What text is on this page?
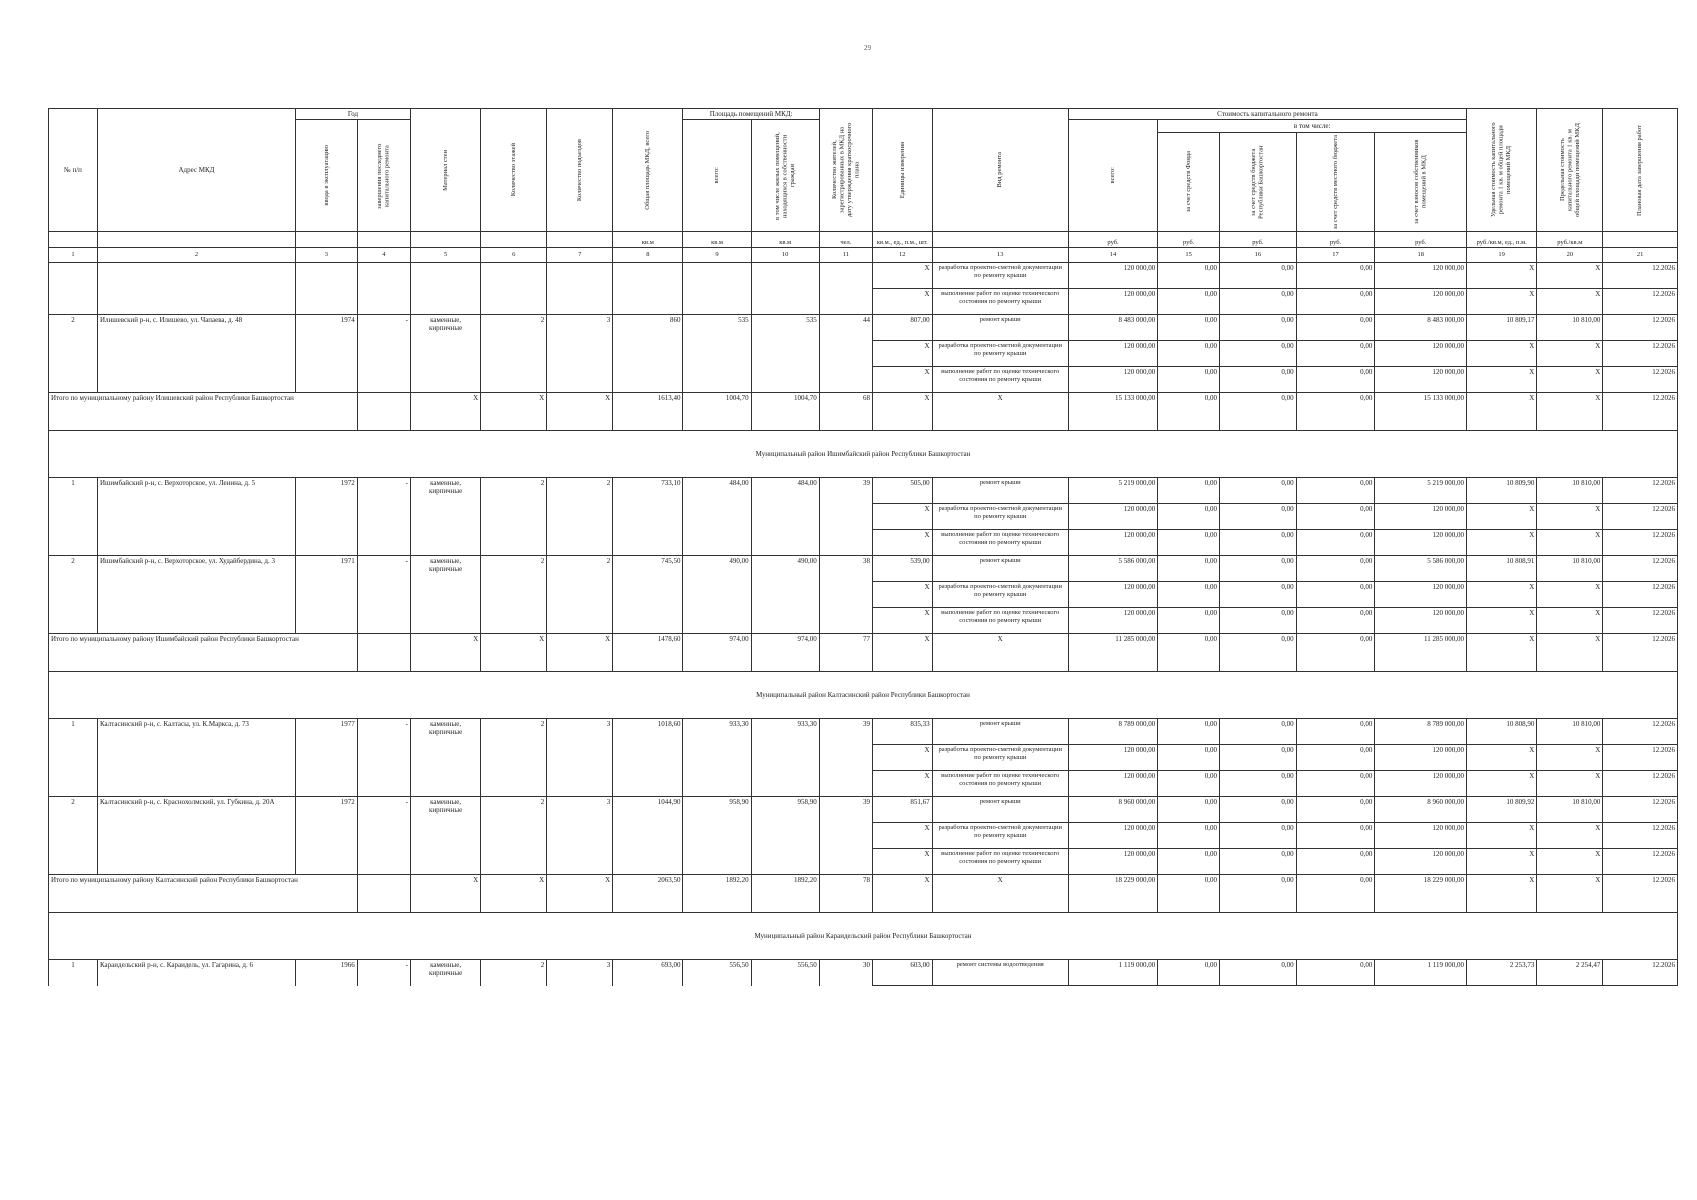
29
№ п/п	Адрес МКД	Год		Материал стен	Количество этажей	Количество подъездов	Общая площадь МКД, всего	Площадь помещений МКД:		Количество жителей, зарегистрированных в МКД на дату утверждения краткосрочного плана	Единицы измерения	Вид ремонта	Стоимость капитального ремонта					Удельная стоимость капитального ремонта 1 кв. м общей площади помещений МКД	Предельная стоимость капитального ремонта 1 кв. м общей площади помещений МКД	Плановая дата завершения работ

		ввода в эксплуатацию	завершения последнего капитального ремонта					всего:	в том числе жилых помещений, находящихся в собственности граждан				всего:	в том числе:						

														за счет средств Фонда	за счет средств бюджета Республики Башкортостан	за счет средств местного бюджета	за счет взносов собственников помещений в МКД			

							кв.м	кв.м	кв.м	чел.	кв.м., ед., п.м., шт.		руб.	руб.	руб.	руб.	руб.	руб./кв.м, ед., п.м.	руб./кв.м	
1	2	3	4	5	6	7	8	9	10	11	12	13	14	15	16	17	18	19	20	21
											X	разработка проектно-сметной документации по ремонту крыши	120 000,00	0,00	0,00	0,00	120 000,00	X	X	12.2026
											X	выполнение работ по оценке технического состояния по ремонту крыши	120 000,00	0,00	0,00	0,00	120 000,00	X	X	12.2026
2	Илишевский р-н, с. Илишево, ул. Чапаева, д. 48	1974	-	каменные, кирпичные	2	3	860	535	535	44	807,00	ремонт крыши	8 483 000,00	0,00	0,00	0,00	8 483 000,00	10 809,17	10 810,00	12.2026
											X	разработка проектно-сметной документации по ремонту крыши	120 000,00	0,00	0,00	0,00	120 000,00	X	X	12.2026
											X	выполнение работ по оценке технического состояния по ремонту крыши	120 000,00	0,00	0,00	0,00	120 000,00	X	X	12.2026
Итого по муниципальному району Илишевский район Республики Башкортостан				X	X	X	1613,40	1004,70	1004,70	68	X	X	15 133 000,00	0,00	0,00	0,00	15 133 000,00	X	X	12.2026
Муниципальный район Ишимбайский район Республики Башкортостан																				
1	Ишимбайский р-н, с. Верхоторское, ул. Ленина, д. 5	1972	-	каменные, кирпичные	2	2	733,10	484,00	484,00	39	505,00	ремонт крыши	5 219 000,00	0,00	0,00	0,00	5 219 000,00	10 809,90	10 810,00	12.2026
											X	разработка проектно-сметной документации по ремонту крыши	120 000,00	0,00	0,00	0,00	120 000,00	X	X	12.2026
											X	выполнение работ по оценке технического состояния по ремонту крыши	120 000,00	0,00	0,00	0,00	120 000,00	X	X	12.2026
2	Ишимбайский р-н, с. Верхоторское, ул. Худайбердина, д. 3	1971	-	каменные, кирпичные	2	2	745,50	490,00	490,00	38	539,00	ремонт крыши	5 586 000,00	0,00	0,00	0,00	5 586 000,00	10 808,91	10 810,00	12.2026
											X	разработка проектно-сметной документации по ремонту крыши	120 000,00	0,00	0,00	0,00	120 000,00	X	X	12.2026
											X	выполнение работ по оценке технического состояния по ремонту крыши	120 000,00	0,00	0,00	0,00	120 000,00	X	X	12.2026
Итого по муниципальному району Ишимбайский район Республики Башкортостан				X	X	X	1478,60	974,00	974,00	77	X	X	11 285 000,00	0,00	0,00	0,00	11 285 000,00	X	X	12.2026
Муниципальный район Калтасинский район Республики Башкортостан																				
1	Калтасинский р-н, с. Калтасы, ул. К.Маркса, д. 73	1977	-	каменные, кирпичные	2	3	1018,60	933,30	933,30	39	835,33	ремонт крыши	8 789 000,00	0,00	0,00	0,00	8 789 000,00	10 808,90	10 810,00	12.2026
											X	разработка проектно-сметной документации по ремонту крыши	120 000,00	0,00	0,00	0,00	120 000,00	X	X	12.2026
											X	выполнение работ по оценке технического состояния по ремонту крыши	120 000,00	0,00	0,00	0,00	120 000,00	X	X	12.2026
2	Калтасинский р-н, с. Краснохолмский, ул. Губкина, д. 20А	1972	-	каменные, кирпичные	2	3	1044,90	958,90	958,90	39	851,67	ремонт крыши	8 960 000,00	0,00	0,00	0,00	8 960 000,00	10 809,92	10 810,00	12.2026
											X	разработка проектно-сметной документации по ремонту крыши	120 000,00	0,00	0,00	0,00	120 000,00	X	X	12.2026
											X	выполнение работ по оценке технического состояния по ремонту крыши	120 000,00	0,00	0,00	0,00	120 000,00	X	X	12.2026
Итого по муниципальному району Калтасинский район Республики Башкортостан				X	X	X	2063,50	1892,20	1892,20	78	X	X	18 229 000,00	0,00	0,00	0,00	18 229 000,00	X	X	12.2026
Муниципальный район Караидельский район Республики Башкортостан																				
1	Караидельский р-н, с. Караидель, ул. Гагарина, д. 6	1966	-	каменные, кирпичные	2	3	693,00	556,50	556,50	30	603,00	ремонт системы водоотведения	1 119 000,00	0,00	0,00	0,00	1 119 000,00	2 253,73	2 254,47	12.2026
